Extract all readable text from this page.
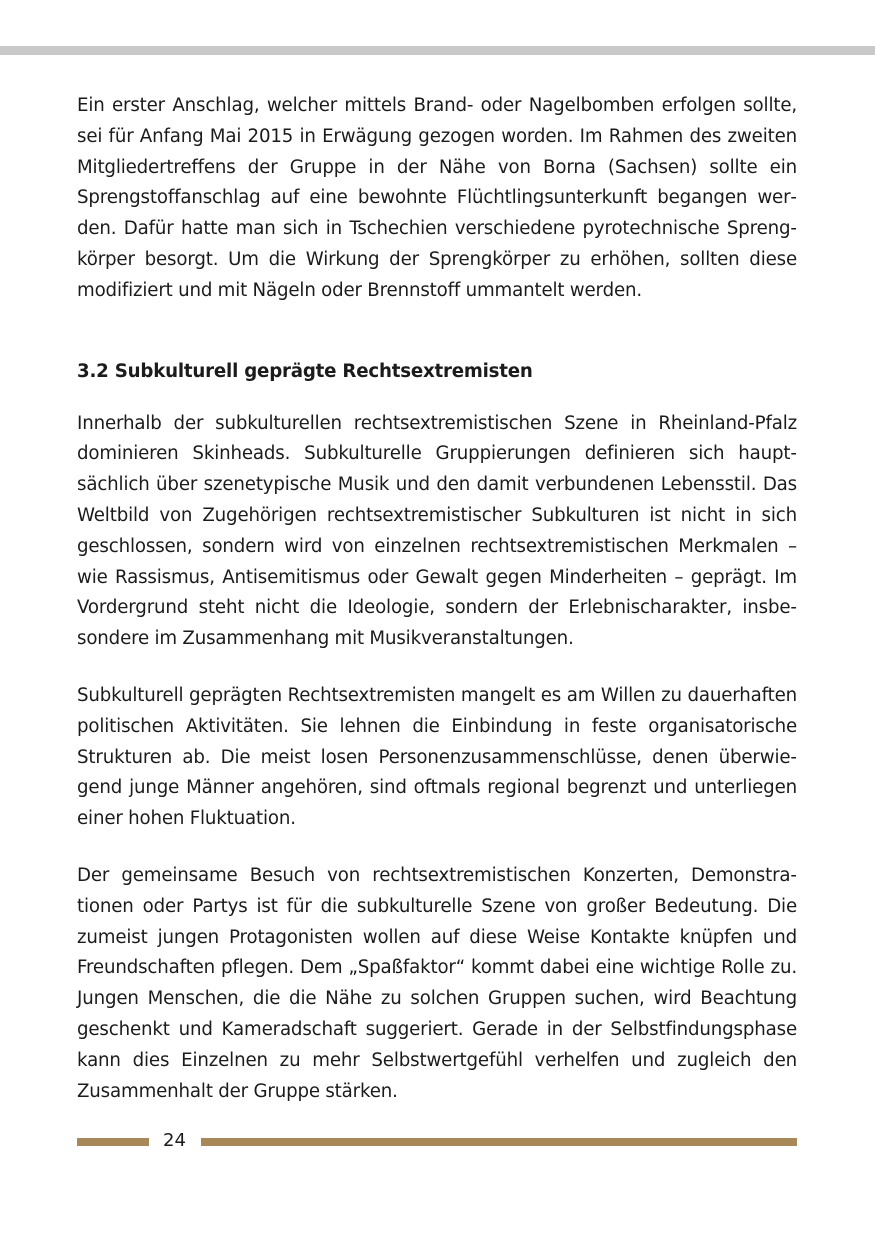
Ein erster Anschlag, welcher mittels Brand- oder Nagelbomben erfolgen sollte, sei für Anfang Mai 2015 in Erwägung gezogen worden. Im Rahmen des zweiten Mitgliedertreffens der Gruppe in der Nähe von Borna (Sachsen) sollte ein Sprengstoffanschlag auf eine bewohnte Flüchtlingsunterkunft begangen werden. Dafür hatte man sich in Tschechien verschiedene pyrotechnische Sprengkörper besorgt. Um die Wirkung der Sprengkörper zu erhöhen, sollten diese modifiziert und mit Nägeln oder Brennstoff ummantelt werden.

3.2 Subkulturell geprägte Rechtsextremisten

Innerhalb der subkulturellen rechtsextremistischen Szene in Rheinland-Pfalz dominieren Skinheads. Subkulturelle Gruppierungen definieren sich hauptsächlich über szenetypische Musik und den damit verbundenen Lebensstil. Das Weltbild von Zugehörigen rechtsextremistischer Subkulturen ist nicht in sich geschlossen, sondern wird von einzelnen rechtsextremistischen Merkmalen – wie Rassismus, Antisemitismus oder Gewalt gegen Minderheiten – geprägt. Im Vordergrund steht nicht die Ideologie, sondern der Erlebnischarakter, insbesondere im Zusammenhang mit Musikveranstaltungen.

Subkulturell geprägten Rechtsextremisten mangelt es am Willen zu dauerhaften politischen Aktivitäten. Sie lehnen die Einbindung in feste organisatorische Strukturen ab. Die meist losen Personenzusammenschlüsse, denen überwiegend junge Männer angehören, sind oftmals regional begrenzt und unterliegen einer hohen Fluktuation.

Der gemeinsame Besuch von rechtsextremistischen Konzerten, Demonstrationen oder Partys ist für die subkulturelle Szene von großer Bedeutung. Die zumeist jungen Protagonisten wollen auf diese Weise Kontakte knüpfen und Freundschaften pflegen. Dem „Spaßfaktor“ kommt dabei eine wichtige Rolle zu. Jungen Menschen, die die Nähe zu solchen Gruppen suchen, wird Beachtung geschenkt und Kameradschaft suggeriert. Gerade in der Selbstfindungsphase kann dies Einzelnen zu mehr Selbstwertgefühl verhelfen und zugleich den Zusammenhalt der Gruppe stärken.

24
